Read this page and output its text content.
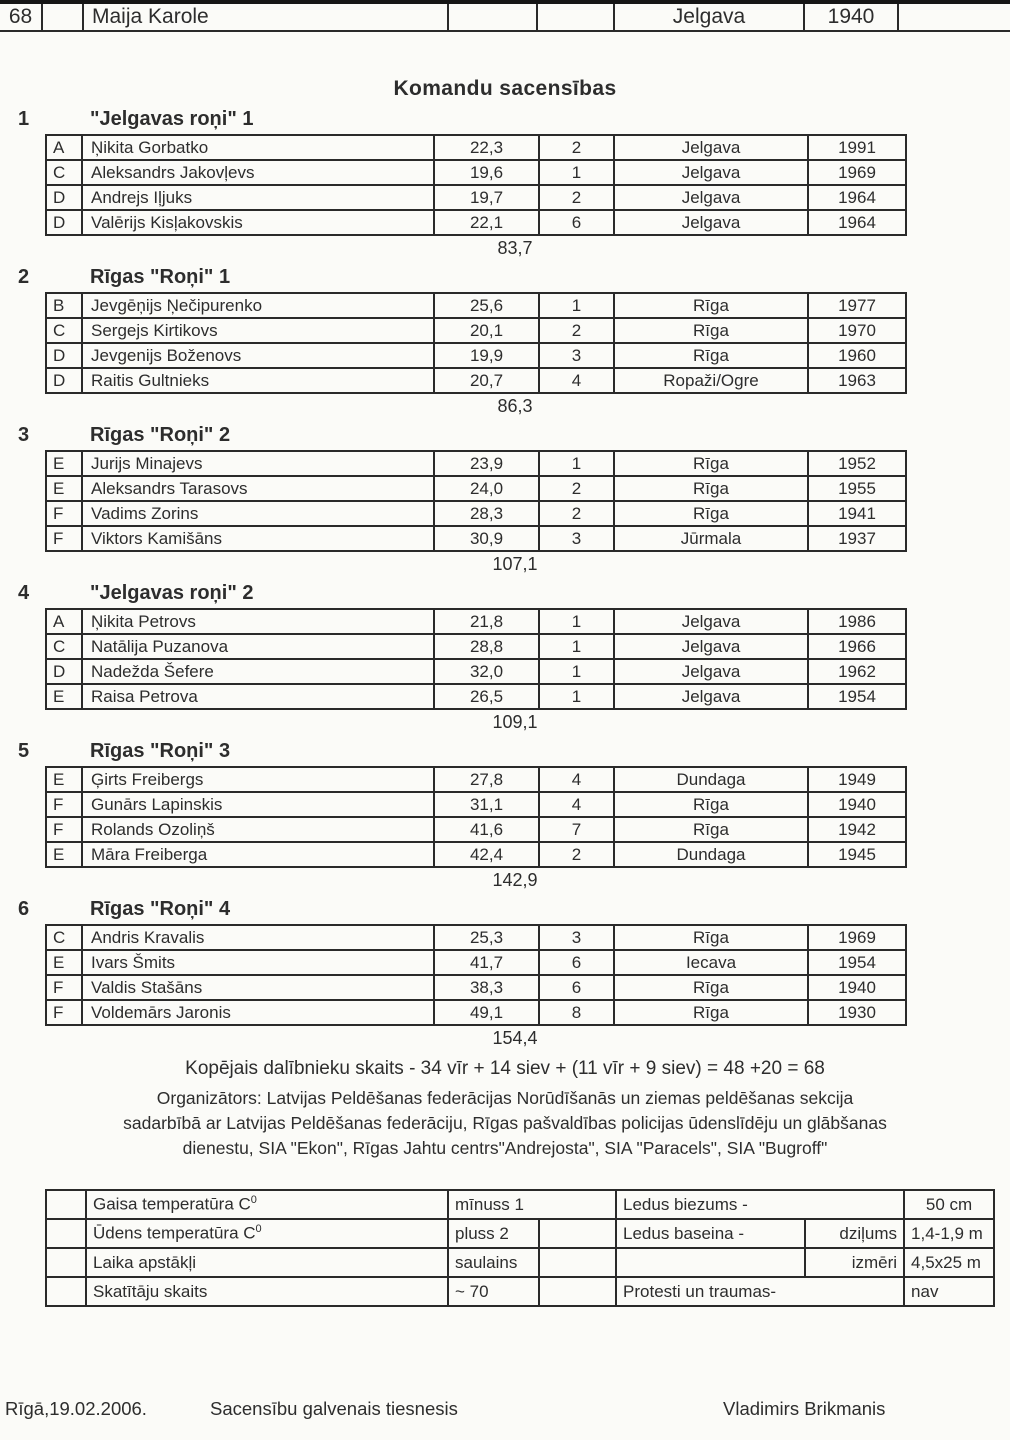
68		Maija Karole			Jelgava	1940	
Komandu sacensības
1	"Jelgavas roņi" 1
A	Ņikita Gorbatko	22,3	2	Jelgava	1991
C	Aleksandrs Jakovļevs	19,6	1	Jelgava	1969
D	Andrejs Iļjuks	19,7	2	Jelgava	1964
D	Valērijs Kisļakovskis	22,1	6	Jelgava	1964
83,7
2	Rīgas "Roņi" 1
B	Jevgēņijs Ņečipurenko	25,6	1	Rīga	1977
C	Sergejs Kirtikovs	20,1	2	Rīga	1970
D	Jevgenijs Boženovs	19,9	3	Rīga	1960
D	Raitis Gultnieks	20,7	4	Ropaži/Ogre	1963
86,3
3	Rīgas "Roņi" 2
E	Jurijs Minajevs	23,9	1	Rīga	1952
E	Aleksandrs Tarasovs	24,0	2	Rīga	1955
F	Vadims Zorins	28,3	2	Rīga	1941
F	Viktors Kamišāns	30,9	3	Jūrmala	1937
107,1
4	"Jelgavas roņi" 2
A	Ņikita Petrovs	21,8	1	Jelgava	1986
C	Natālija Puzanova	28,8	1	Jelgava	1966
D	Nadežda Šefere	32,0	1	Jelgava	1962
E	Raisa Petrova	26,5	1	Jelgava	1954
109,1
5	Rīgas "Roņi" 3
E	Ģirts Freibergs	27,8	4	Dundaga	1949
F	Gunārs Lapinskis	31,1	4	Rīga	1940
F	Rolands Ozoliņš	41,6	7	Rīga	1942
E	Māra Freiberga	42,4	2	Dundaga	1945
142,9
6	Rīgas "Roņi" 4
C	Andris Kravalis	25,3	3	Rīga	1969
E	Ivars Šmits	41,7	6	Iecava	1954
F	Valdis Stašāns	38,3	6	Rīga	1940
F	Voldemārs Jaronis	49,1	8	Rīga	1930
154,4
Kopējais dalībnieku skaits - 34 vīr + 14 siev + (11 vīr + 9 siev) = 48 +20 = 68
Organizātors: Latvijas Peldēšanas federācijas Norūdīšanās un ziemas peldēšanas sekcija
sadarbībā ar Latvijas Peldēšanas federāciju, Rīgas pašvaldības policijas ūdenslīdēju un glābšanas
dienestu, SIA "Ekon", Rīgas Jahtu centrs"Andrejosta", SIA "Paracels", SIA "Bugroff"
	Gaisa temperatūra $C^0$	mīnuss 1		Ledus biezums -		50 cm
	Ūdens temperatūra $C^0$	pluss 2		Ledus baseina -	dziļums	1,4-1,9 m
	Laika apstākļi	saulains			izmēri	4,5x25 m
	Skatītāju skaits	~ 70		Protesti un traumas-		nav
Rīgā,19.02.2006.	Sacensību galvenais tiesnesis	Vladimirs Brikmanis
